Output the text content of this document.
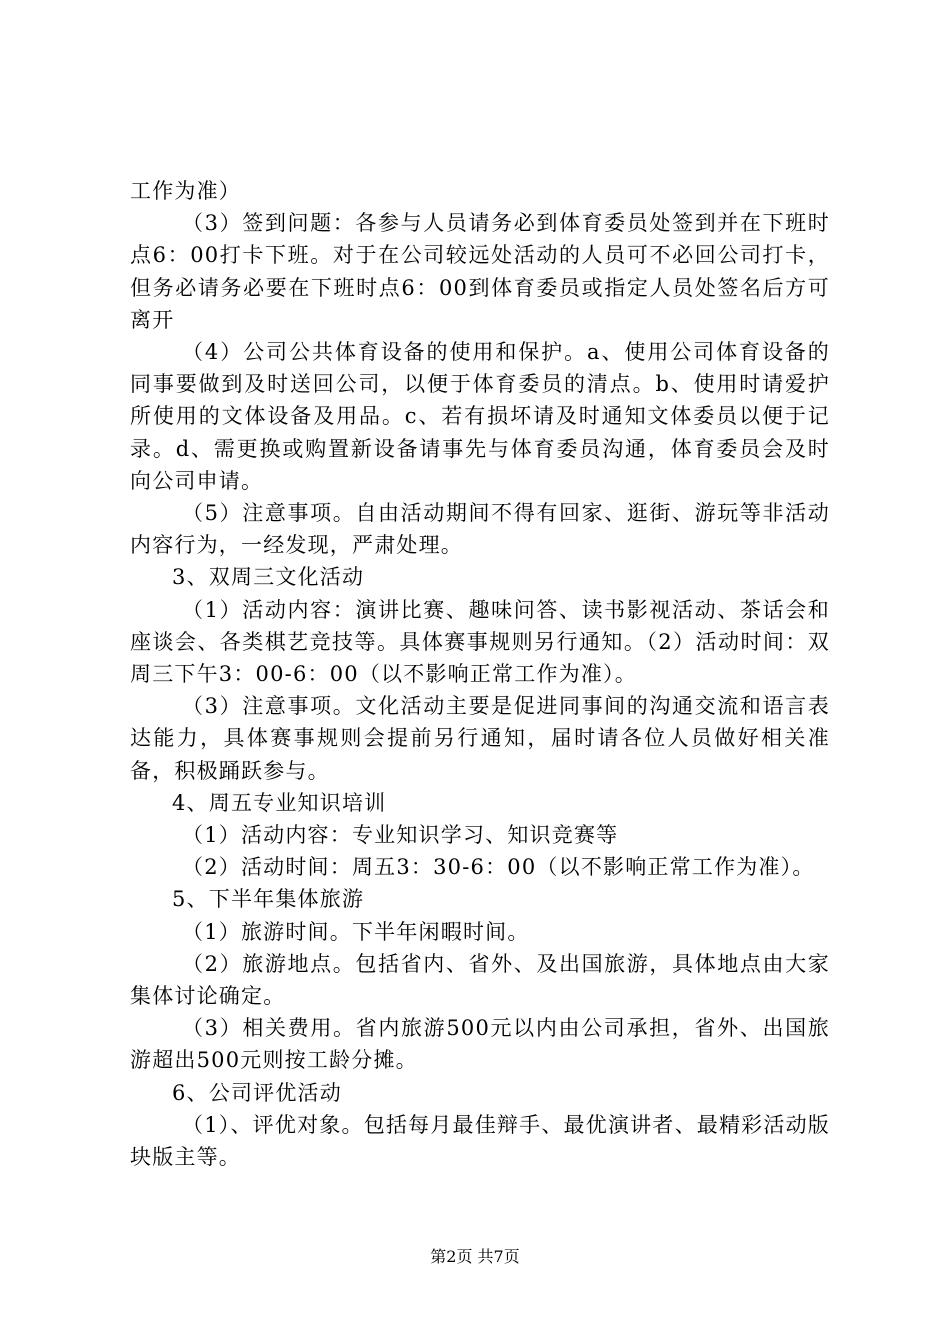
工作为准）

（3）签到问题：各参与人员请务必到体育委员处签到并在下班时点6：00打卡下班。对于在公司较远处活动的人员可不必回公司打卡，但务必请务必要在下班时点6：00到体育委员或指定人员处签名后方可离开

（4）公司公共体育设备的使用和保护。a、使用公司体育设备的同事要做到及时送回公司，以便于体育委员的清点。b、使用时请爱护所使用的文体设备及用品。c、若有损坏请及时通知文体委员以便于记录。d、需更换或购置新设备请事先与体育委员沟通，体育委员会及时向公司申请。

（5）注意事项。自由活动期间不得有回家、逛街、游玩等非活动内容行为，一经发现，严肃处理。

3、双周三文化活动

（1）活动内容：演讲比赛、趣味问答、读书影视活动、茶话会和座谈会、各类棋艺竞技等。具体赛事规则另行通知。（2）活动时间：双周三下午3：00-6：00（以不影响正常工作为准）。

（3）注意事项。文化活动主要是促进同事间的沟通交流和语言表达能力，具体赛事规则会提前另行通知，届时请各位人员做好相关准备，积极踊跃参与。

4、周五专业知识培训

（1）活动内容：专业知识学习、知识竞赛等

（2）活动时间：周五3：30-6：00（以不影响正常工作为准）。

5、下半年集体旅游

（1）旅游时间。下半年闲暇时间。

（2）旅游地点。包括省内、省外、及出国旅游，具体地点由大家集体讨论确定。

（3）相关费用。省内旅游500元以内由公司承担，省外、出国旅游超出500元则按工龄分摊。

6、公司评优活动

（1）、评优对象。包括每月最佳辩手、最优演讲者、最精彩活动版块版主等。

第2页 共7页
